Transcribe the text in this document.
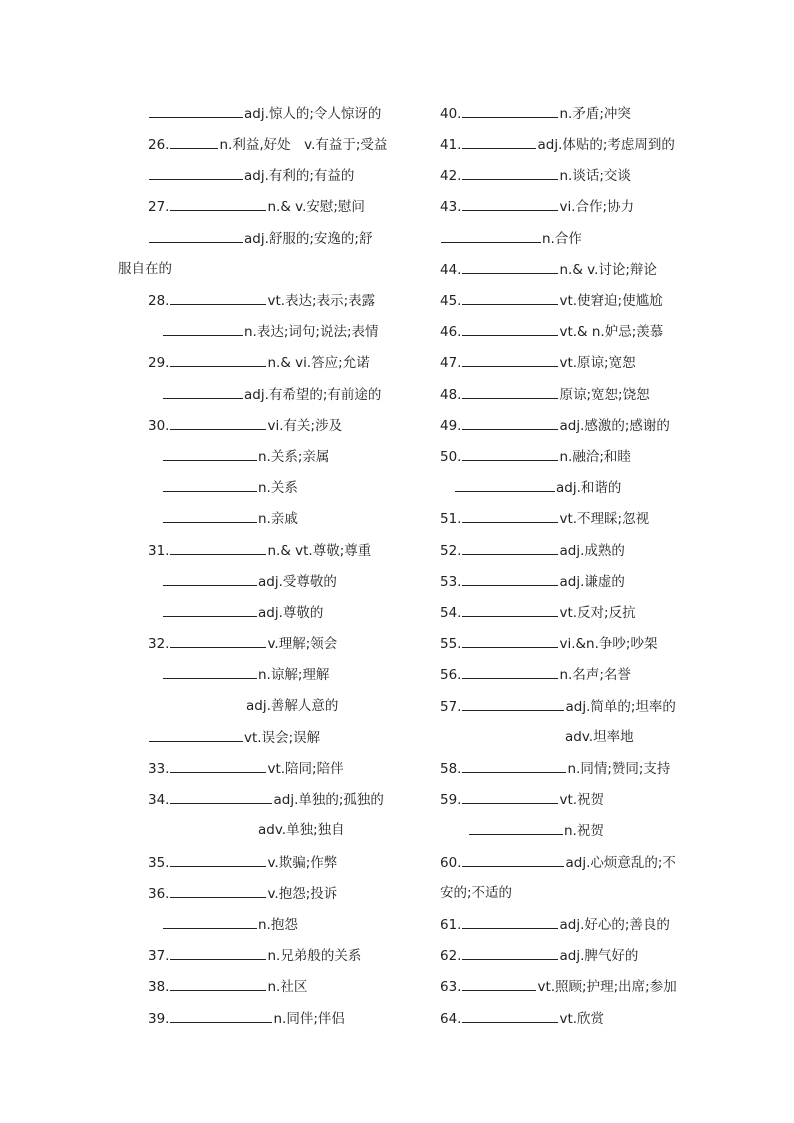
adj.惊人的;令人惊讶的
26.	n.利益,好处　v.有益于;受益
adj.有利的;有益的
27.	n.& v.安慰;慰问
adj.舒服的;安逸的;舒
服自在的
28.	vt.表达;表示;表露
n.表达;词句;说法;表情
29.	n.& vi.答应;允诺
adj.有希望的;有前途的
30.	vi.有关;涉及
n.关系;亲属
n.关系
n.亲戚
31.	n.& vt.尊敬;尊重
adj.受尊敬的
adj.尊敬的
32.	v.理解;领会
n.谅解;理解
adj.善解人意的
vt.误会;误解
33.	vt.陪同;陪伴
34.	adj.单独的;孤独的
adv.单独;独自
35.	v.欺骗;作弊
36.	v.抱怨;投诉
n.抱怨
37.	n.兄弟般的关系
38.	n.社区
39.	n.同伴;伴侣
40.	n.矛盾;冲突
41.	adj.体贴的;考虑周到的
42.	n.谈话;交谈
43.	vi.合作;协力
n.合作
44.	n.& v.讨论;辩论
45.	vt.使窘迫;使尴尬
46.	vt.& n.妒忌;羡慕
47.	vt.原谅;宽恕
48.	原谅;宽恕;饶恕
49.	adj.感激的;感谢的
50.	n.融洽;和睦
adj.和谐的
51.	vt.不理睬;忽视
52.	adj.成熟的
53.	adj.谦虚的
54.	vt.反对;反抗
55.	vi.&n.争吵;吵架
56.	n.名声;名誉
57.	adj.简单的;坦率的
adv.坦率地
58.	n.同情;赞同;支持
59.	vt.祝贺
n.祝贺
60.	adj.心烦意乱的;不
安的;不适的
61.	adj.好心的;善良的
62.	adj.脾气好的
63.	vt.照顾;护理;出席;参加
64.	vt.欣赏
